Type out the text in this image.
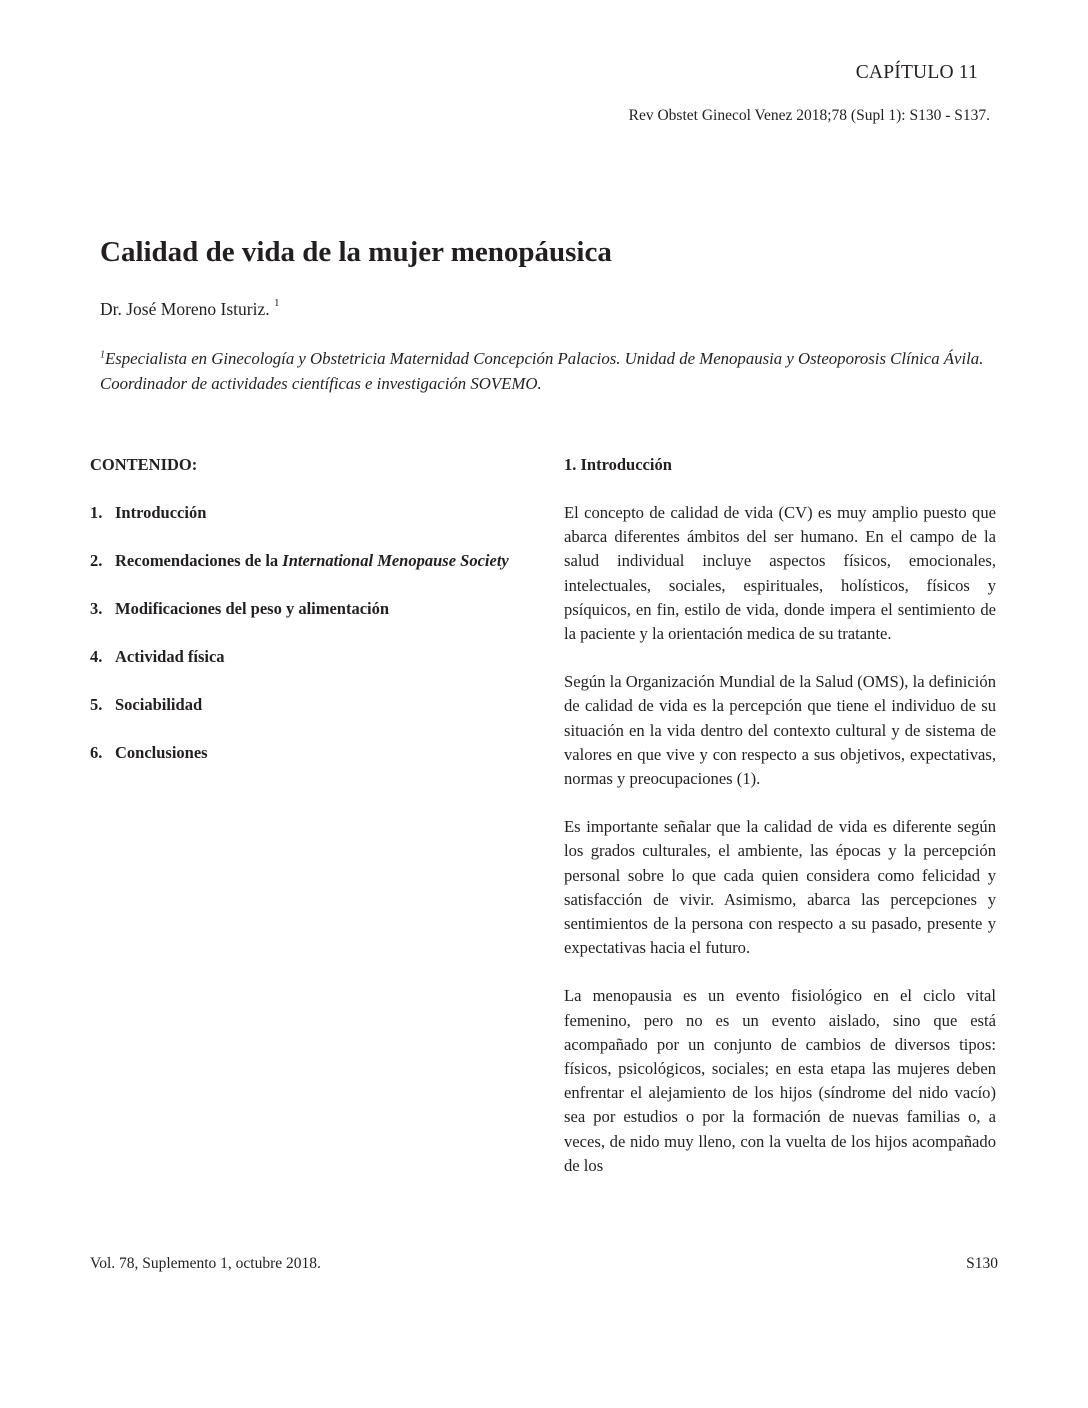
CAPÍTULO 11
Rev Obstet Ginecol Venez 2018;78 (Supl 1): S130 - S137.
Calidad de vida de la mujer menopáusica
Dr. José Moreno Isturiz. $^1$
$^1$Especialista en Ginecología y Obstetricia Maternidad Concepción Palacios. Unidad de Menopausia y Osteoporosis Clínica Ávila. Coordinador de actividades científicas e investigación SOVEMO.
CONTENIDO:
1. Introducción
2. Recomendaciones de la International Menopause Society
3. Modificaciones del peso y alimentación
4. Actividad física
5. Sociabilidad
6. Conclusiones
1. Introducción

El concepto de calidad de vida (CV) es muy amplio puesto que abarca diferentes ámbitos del ser humano. En el campo de la salud individual incluye aspectos físicos, emocionales, intelectuales, sociales, espirituales, holísticos, físicos y psíquicos, en fin, estilo de vida, donde impera el sentimiento de la paciente y la orientación medica de su tratante.

Según la Organización Mundial de la Salud (OMS), la definición de calidad de vida es la percepción que tiene el individuo de su situación en la vida dentro del contexto cultural y de sistema de valores en que vive y con respecto a sus objetivos, expectativas, normas y preocupaciones (1).

Es importante señalar que la calidad de vida es diferente según los grados culturales, el ambiente, las épocas y la percepción personal sobre lo que cada quien considera como felicidad y satisfacción de vivir. Asimismo, abarca las percepciones y sentimientos de la persona con respecto a su pasado, presente y expectativas hacia el futuro.

La menopausia es un evento fisiológico en el ciclo vital femenino, pero no es un evento aislado, sino que está acompañado por un conjunto de cambios de diversos tipos: físicos, psicológicos, sociales; en esta etapa las mujeres deben enfrentar el alejamiento de los hijos (síndrome del nido vacío) sea por estudios o por la formación de nuevas familias o, a veces, de nido muy lleno, con la vuelta de los hijos acompañado de los

Vol. 78, Suplemento 1, octubre 2018.	S130
